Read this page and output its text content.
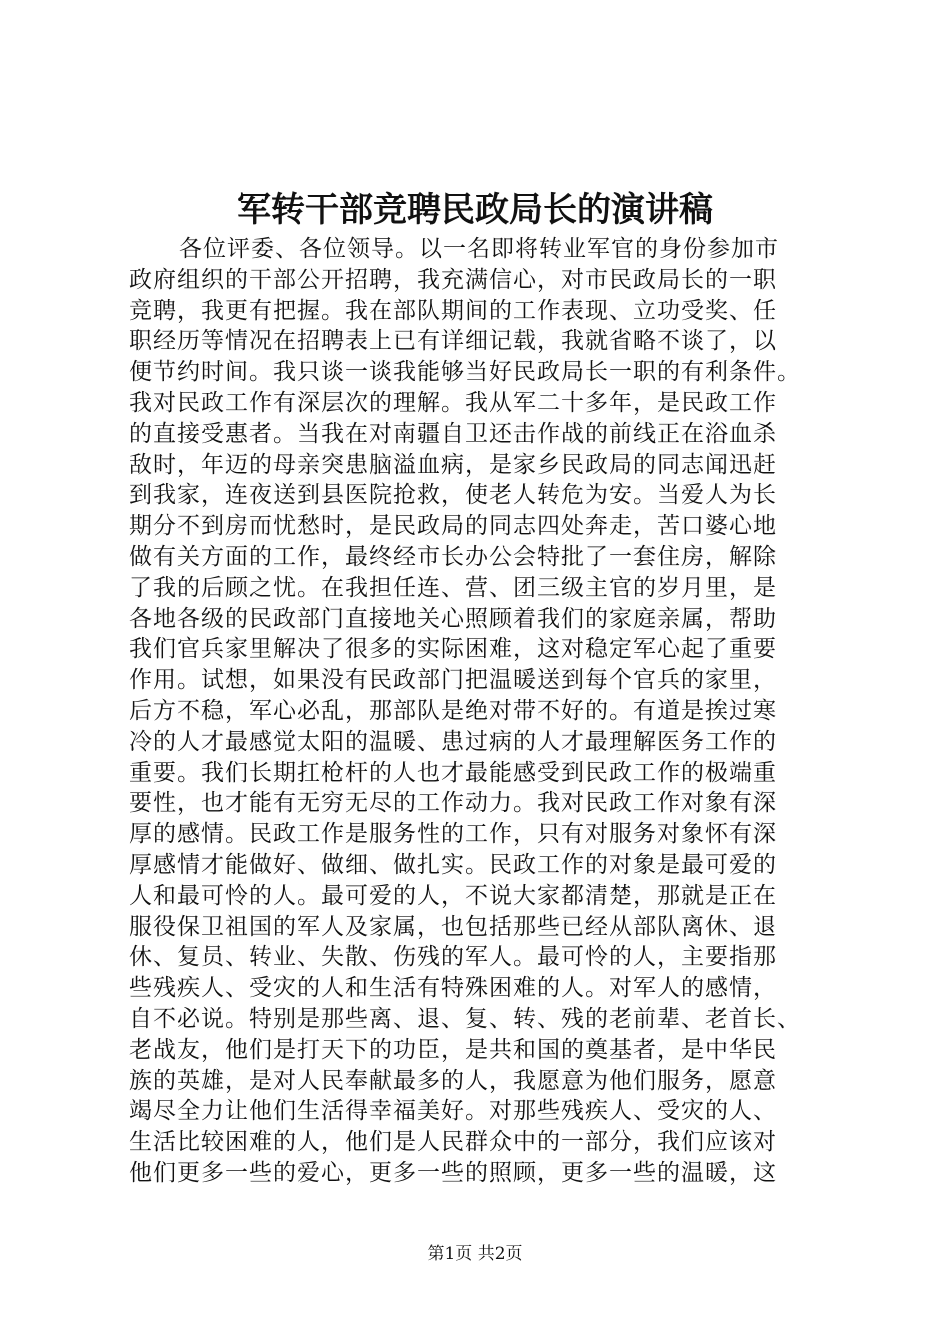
军转干部竞聘民政局长的演讲稿
各位评委、各位领导。以一名即将转业军官的身份参加市
政府组织的干部公开招聘，我充满信心，对市民政局长的一职
竞聘，我更有把握。我在部队期间的工作表现、立功受奖、任
职经历等情况在招聘表上已有详细记载，我就省略不谈了，以
便节约时间。我只谈一谈我能够当好民政局长一职的有利条件。
我对民政工作有深层次的理解。我从军二十多年，是民政工作
的直接受惠者。当我在对南疆自卫还击作战的前线正在浴血杀
敌时，年迈的母亲突患脑溢血病，是家乡民政局的同志闻迅赶
到我家，连夜送到县医院抢救，使老人转危为安。当爱人为长
期分不到房而忧愁时，是民政局的同志四处奔走，苦口婆心地
做有关方面的工作，最终经市长办公会特批了一套住房，解除
了我的后顾之忧。在我担任连、营、团三级主官的岁月里，是
各地各级的民政部门直接地关心照顾着我们的家庭亲属，帮助
我们官兵家里解决了很多的实际困难，这对稳定军心起了重要
作用。试想，如果没有民政部门把温暖送到每个官兵的家里，
后方不稳，军心必乱，那部队是绝对带不好的。有道是挨过寒
冷的人才最感觉太阳的温暖、患过病的人才最理解医务工作的
重要。我们长期扛枪杆的人也才最能感受到民政工作的极端重
要性，也才能有无穷无尽的工作动力。我对民政工作对象有深
厚的感情。民政工作是服务性的工作，只有对服务对象怀有深
厚感情才能做好、做细、做扎实。民政工作的对象是最可爱的
人和最可怜的人。最可爱的人，不说大家都清楚，那就是正在
服役保卫祖国的军人及家属，也包括那些已经从部队离休、退
休、复员、转业、失散、伤残的军人。最可怜的人，主要指那
些残疾人、受灾的人和生活有特殊困难的人。对军人的感情，
自不必说。特别是那些离、退、复、转、残的老前辈、老首长、
老战友，他们是打天下的功臣，是共和国的奠基者，是中华民
族的英雄，是对人民奉献最多的人，我愿意为他们服务，愿意
竭尽全力让他们生活得幸福美好。对那些残疾人、受灾的人、
生活比较困难的人，他们是人民群众中的一部分，我们应该对
他们更多一些的爱心，更多一些的照顾，更多一些的温暖，这
第1页 共2页
